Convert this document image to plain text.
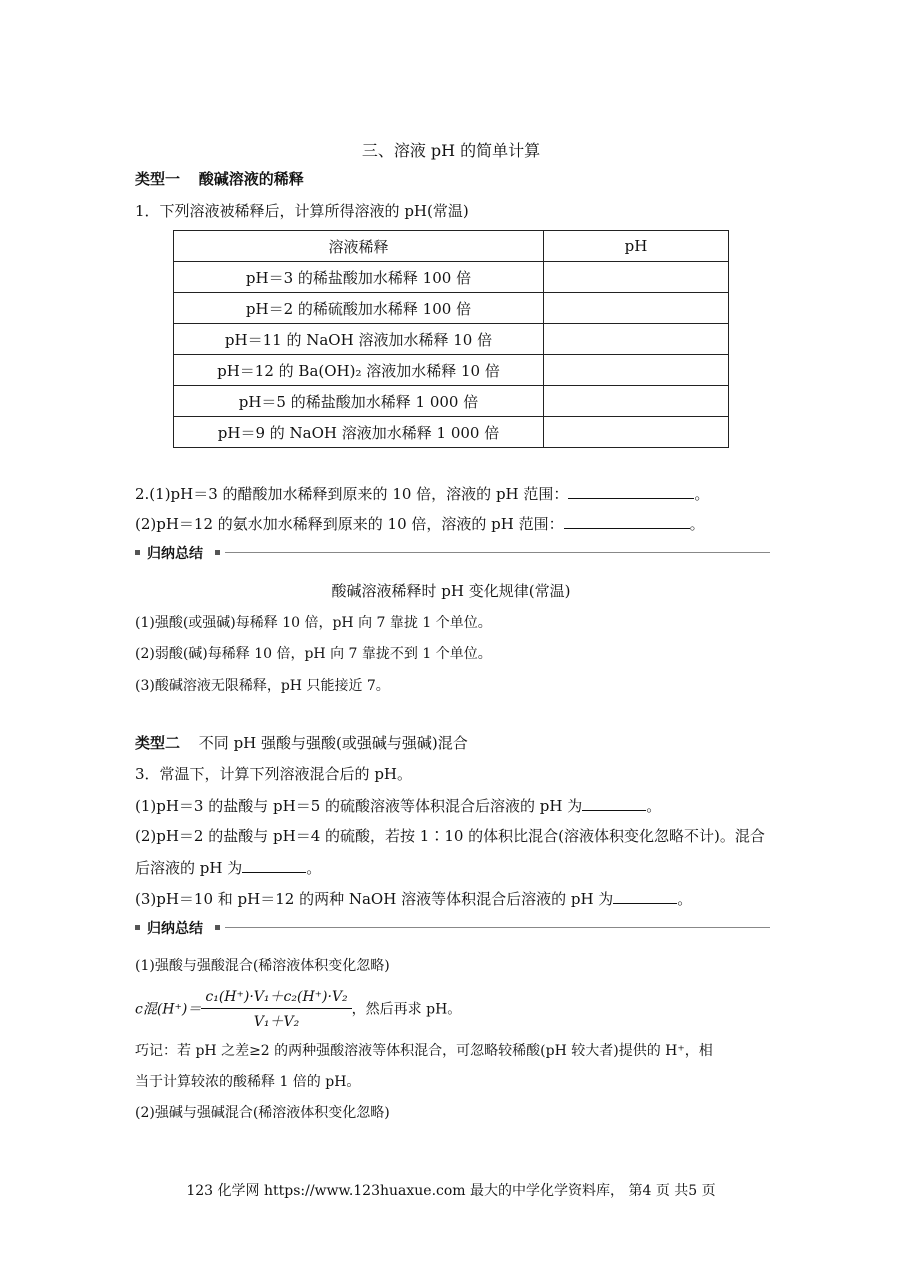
三、溶液 pH 的简单计算
类型一 酸碱溶液的稀释
1．下列溶液被稀释后，计算所得溶液的 pH(常温)
溶液稀释	pH
pH＝3 的稀盐酸加水稀释 100 倍	
pH＝2 的稀硫酸加水稀释 100 倍	
pH＝11 的 NaOH 溶液加水稀释 10 倍	
pH＝12 的 Ba(OH)₂ 溶液加水稀释 10 倍	
pH＝5 的稀盐酸加水稀释 1 000 倍	
pH＝9 的 NaOH 溶液加水稀释 1 000 倍	
2.(1)pH＝3 的醋酸加水稀释到原来的 10 倍，溶液的 pH 范围：	。
(2)pH＝12 的氨水加水稀释到原来的 10 倍，溶液的 pH 范围：	。
归纳总结
酸碱溶液稀释时 pH 变化规律(常温)
(1)强酸(或强碱)每稀释 10 倍，pH 向 7 靠拢 1 个单位。
(2)弱酸(碱)每稀释 10 倍，pH 向 7 靠拢不到 1 个单位。
(3)酸碱溶液无限稀释，pH 只能接近 7。
类型二 不同 pH 强酸与强酸(或强碱与强碱)混合
3．常温下，计算下列溶液混合后的 pH。
(1)pH＝3 的盐酸与 pH＝5 的硫酸溶液等体积混合后溶液的 pH 为	。
(2)pH＝2 的盐酸与 pH＝4 的硫酸，若按 1∶10 的体积比混合(溶液体积变化忽略不计)。混合
后溶液的 pH 为	。
(3)pH＝10 和 pH＝12 的两种 NaOH 溶液等体积混合后溶液的 pH 为	。
归纳总结
(1)强酸与强酸混合(稀溶液体积变化忽略)
c混$(H^+)= \frac{\text{c₁(H⁺)·V₁＋c₂(H⁺)·V₂}}{\text{V₁＋V₂}}$ ，然后再求 pH。
巧记：若 pH 之差≥2 的两种强酸溶液等体积混合，可忽略较稀酸(pH 较大者)提供的 H⁺，相
当于计算较浓的酸稀释 1 倍的 pH。
(2)强碱与强碱混合(稀溶液体积变化忽略)
123 化学网 https://www.123huaxue.com 最大的中学化学资料库， 第4 页 共5 页
